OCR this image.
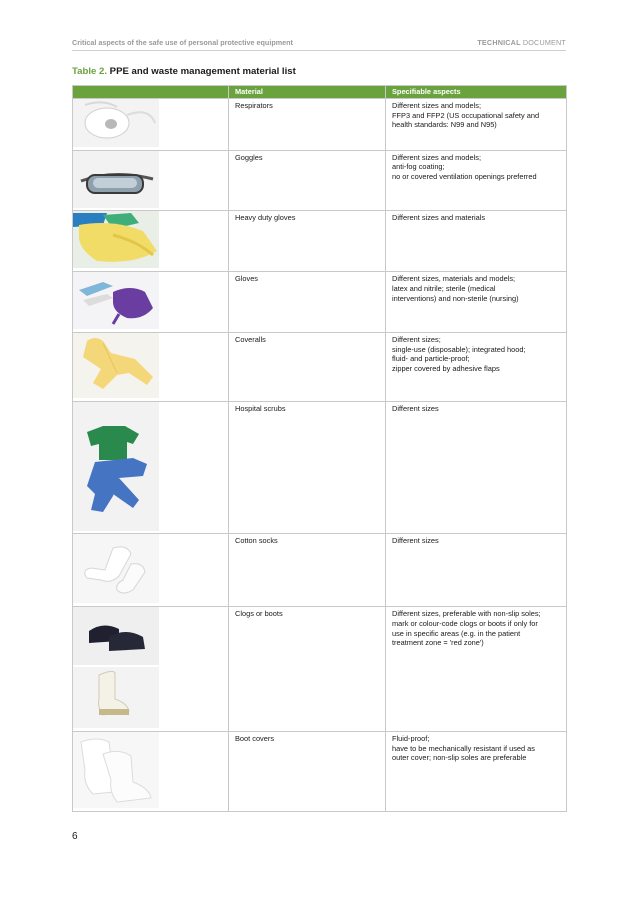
Critical aspects of the safe use of personal protective equipment	TECHNICAL DOCUMENT
Table 2. PPE and waste management material list
	Material	Specifiable aspects
	Respirators	Different sizes and models;
FFP3 and FFP2 (US occupational safety and
health standards: N99 and N95)

	Goggles	Different sizes and models;
anti-fog coating;
no or covered ventilation openings preferred

	Heavy duty gloves	Different sizes and materials

	Gloves	Different sizes, materials and models;
latex and nitrile; sterile (medical
interventions) and non-sterile (nursing)

	Coveralls	Different sizes;
single-use (disposable); integrated hood;
fluid- and particle-proof;
zipper covered by adhesive flaps

	Hospital scrubs	Different sizes

	Cotton socks	Different sizes

	Clogs or boots	Different sizes, preferable with non-slip soles;
mark or colour-code clogs or boots if only for
use in specific areas (e.g. in the patient
treatment zone = 'red zone')

	Boot covers	Fluid-proof;
have to be mechanically resistant if used as
outer cover; non-slip soles are preferable
6
